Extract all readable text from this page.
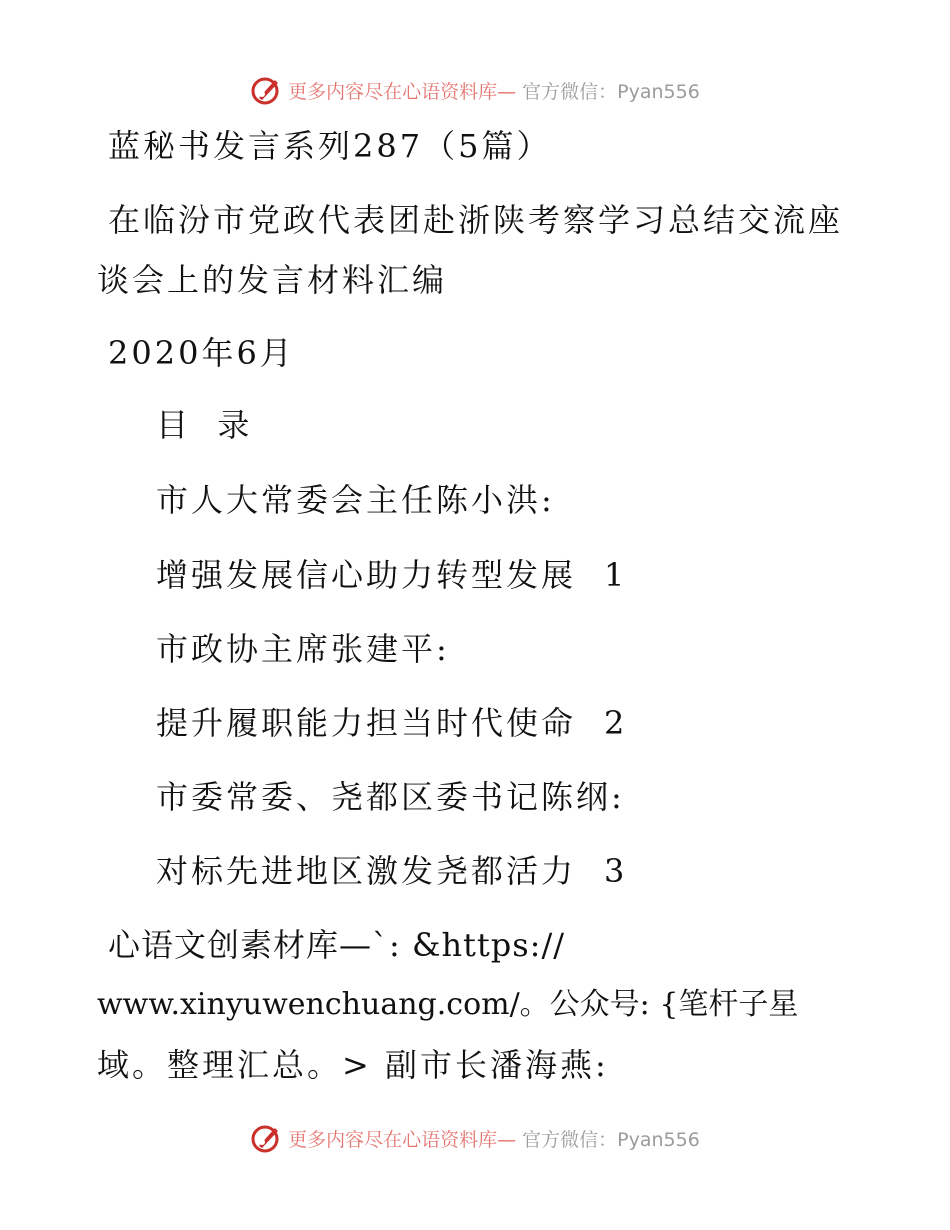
更多内容尽在心语资料库— 官方微信：Pyan556
蓝秘书发言系列287（5篇）
在临汾市党政代表团赴浙陕考察学习总结交流座
谈会上的发言材料汇编
2020年6月
目  录
市人大常委会主任陈小洪:
增强发展信心助力转型发展 1
市政协主席张建平:
提升履职能力担当时代使命 2
市委常委、尧都区委书记陈纲:
对标先进地区激发尧都活力 3
心语文创素材库—`: &https://
www.xinyuwenchuang.com/。公众号: {笔杆子星
域。整理汇总。> 副市长潘海燕:
更多内容尽在心语资料库— 官方微信：Pyan556
